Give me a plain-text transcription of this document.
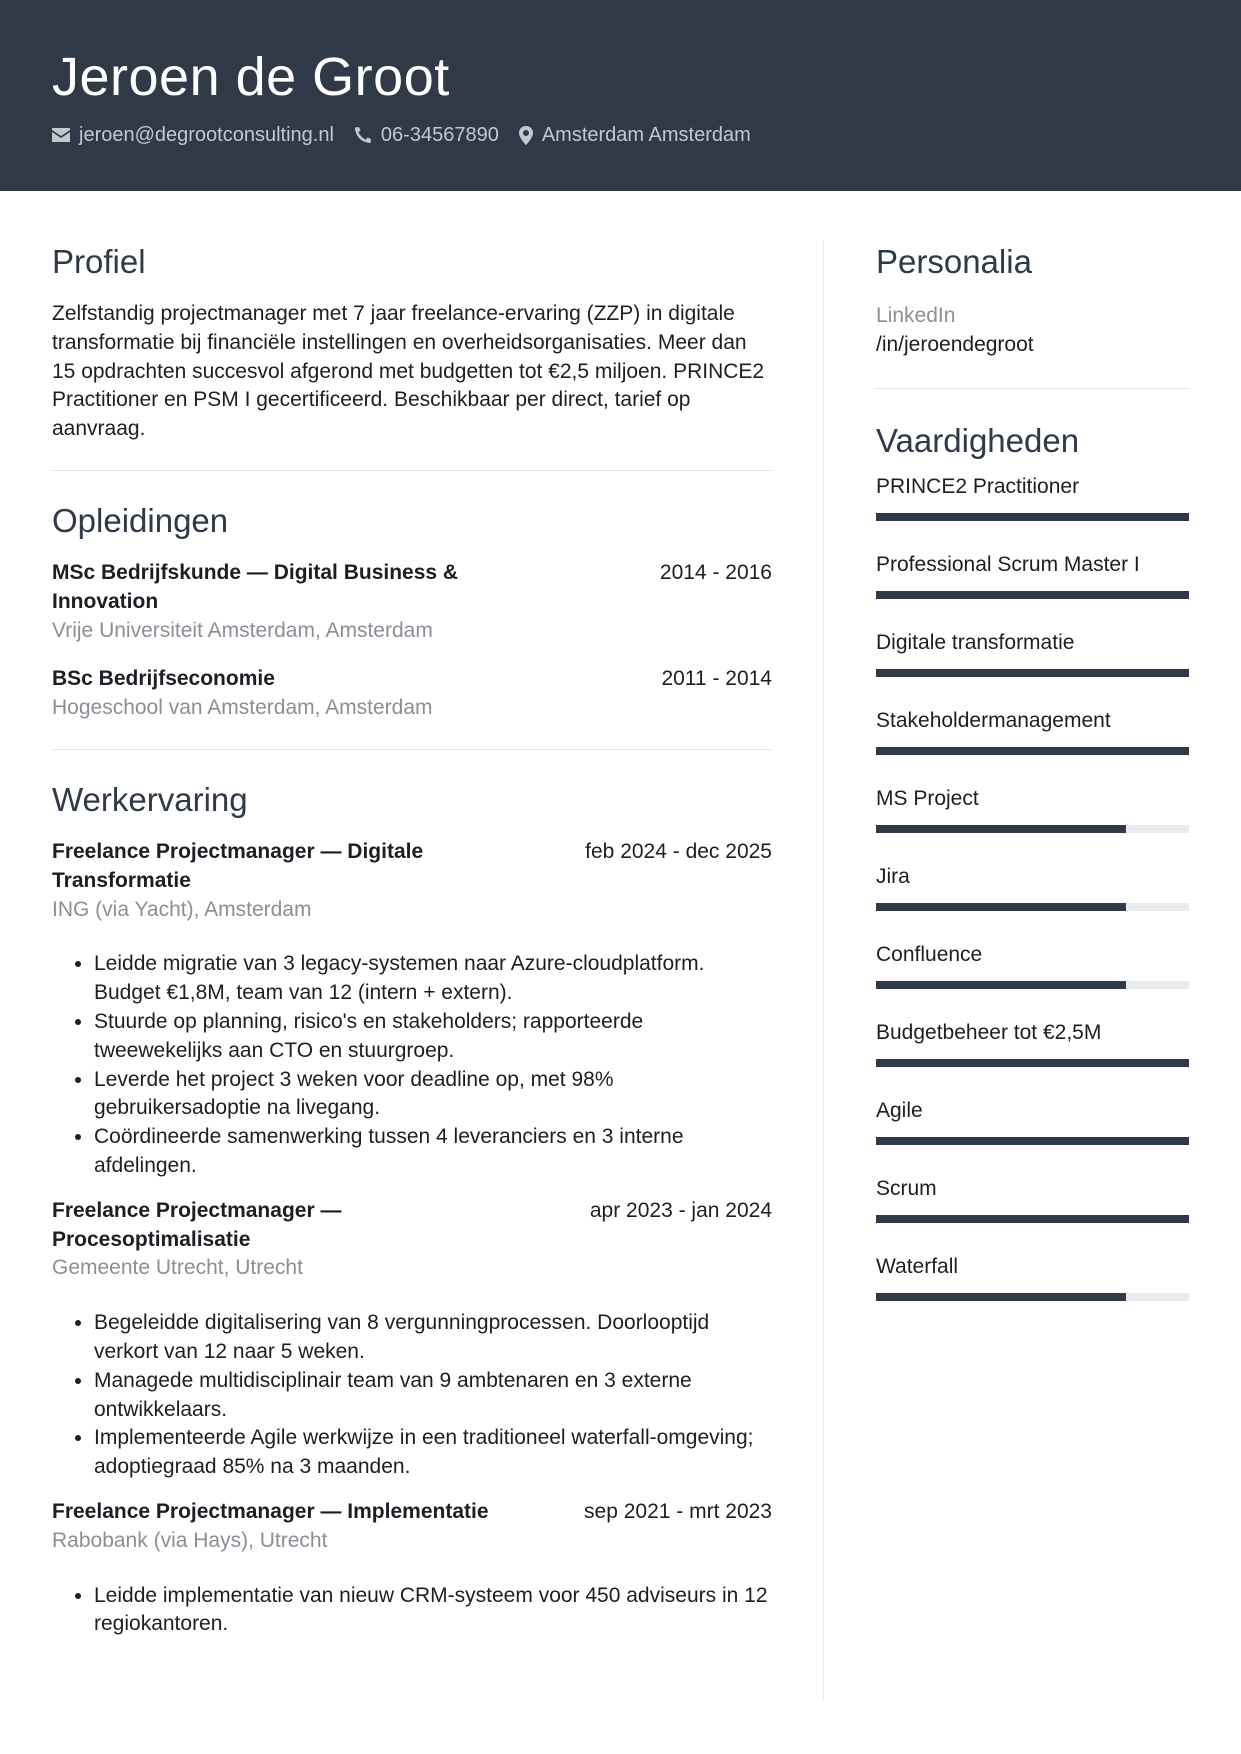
Jeroen de Groot
jeroen@degrootconsulting.nl 06-34567890 Amsterdam Amsterdam
Profiel
Zelfstandig projectmanager met 7 jaar freelance-ervaring (ZZP) in digitale transformatie bij financiële instellingen en overheidsorganisaties. Meer dan 15 opdrachten succesvol afgerond met budgetten tot €2,5 miljoen. PRINCE2 Practitioner en PSM I gecertificeerd. Beschikbaar per direct, tarief op aanvraag.
Opleidingen
MSc Bedrijfskunde — Digital Business & Innovation
2014 - 2016
Vrije Universiteit Amsterdam, Amsterdam
BSc Bedrijfseconomie	2011 - 2014
Hogeschool van Amsterdam, Amsterdam
Werkervaring
Freelance Projectmanager — Digitale Transformatie
feb 2024 - dec 2025
ING (via Yacht), Amsterdam
• Leidde migratie van 3 legacy-systemen naar Azure-cloudplatform. Budget €1,8M, team van 12 (intern + extern).
• Stuurde op planning, risico's en stakeholders; rapporteerde tweewekelijks aan CTO en stuurgroep.
• Leverde het project 3 weken voor deadline op, met 98% gebruikersadoptie na livegang.
• Coördineerde samenwerking tussen 4 leveranciers en 3 interne afdelingen.
Freelance Projectmanager — Procesoptimalisatie
apr 2023 - jan 2024
Gemeente Utrecht, Utrecht
• Begeleidde digitalisering van 8 vergunningprocessen. Doorlooptijd verkort van 12 naar 5 weken.
• Managede multidisciplinair team van 9 ambtenaren en 3 externe ontwikkelaars.
• Implementeerde Agile werkwijze in een traditioneel waterfall-omgeving; adoptiegraad 85% na 3 maanden.
Freelance Projectmanager — Implementatie	sep 2021 - mrt 2023
Rabobank (via Hays), Utrecht
• Leidde implementatie van nieuw CRM-systeem voor 450 adviseurs in 12 regiokantoren.
Personalia
LinkedIn
/in/jeroendegroot
Vaardigheden
PRINCE2 Practitioner
Professional Scrum Master I
Digitale transformatie
Stakeholdermanagement
MS Project
Jira
Confluence
Budgetbeheer tot €2,5M
Agile
Scrum
Waterfall
